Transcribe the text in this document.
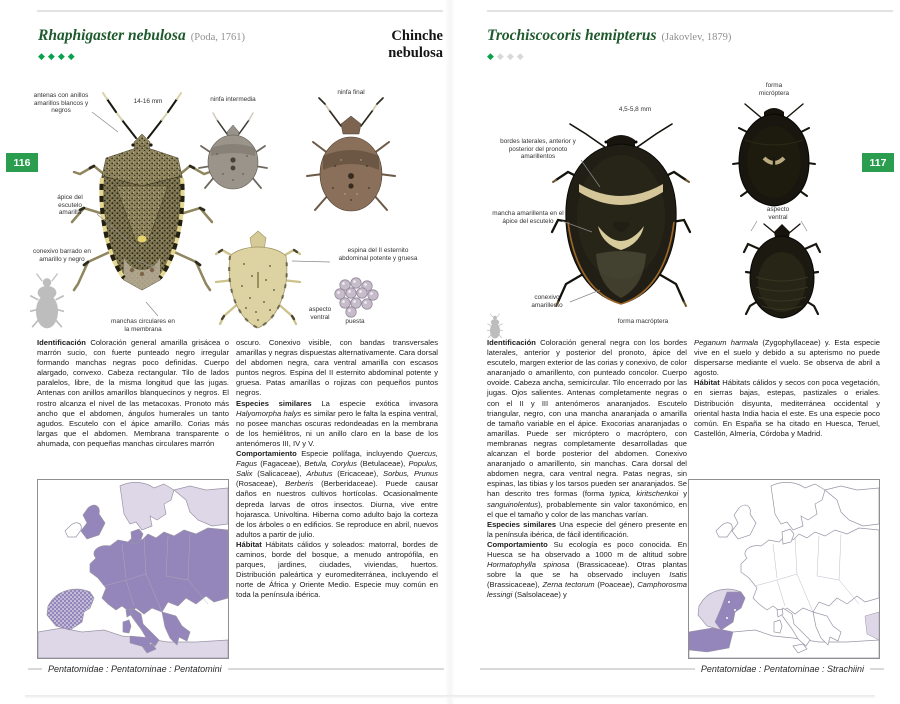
Rhaphigaster nebulosa (Poda, 1761)	Chinche
nebulosa
◆ ◆ ◆ ◆
116
Trochiscocoris hemipterus (Jakovlev, 1879)
◆ ◆ ◆ ◆
117
antenas con anillos amarillos blancos y negros
14-16 mm	ninfa intermedia
ninfa final
ápice del escutelo amarilla
conexivo barrado en amarillo y negro
manchas circulares en la membrana
espina del II esternito abdominal potente y gruesa
aspecto ventral
puesta
forma micróptera
4,5-5,8 mm
bordes laterales, anterior y posterior del pronoto amarillentos
mancha amarillenta en el ápice del escutelo
conexivo amarillento
forma macróptera
aspecto ventral

Identificación Coloración general amarilla grisácea o marrón sucio, con fuerte punteado negro irregular formando manchas negras poco definidas. Cuerpo alargado, convexo. Cabeza rectangular. Tilo de lados paralelos, libre, de la misma longitud que las jugas. Antenas con anillos amarillos blanquecinos y negros. El rostro alcanza el nivel de las metacoxas. Pronoto más ancho que el abdomen, ángulos humerales un tanto agudos. Escutelo con el ápice amarillo. Corias más largas que el abdomen. Membrana transparente o ahumada, con pequeñas manchas circulares marrón

oscuro. Conexivo visible, con bandas transversales amarillas y negras dispuestas alternativamente. Cara dorsal del abdomen negra, cara ventral amarilla con escasos puntos negros. Espina del II esternito abdominal potente y gruesa. Patas amarillas o rojizas con pequeños puntos negros.

Especies similares La especie exótica invasora Halyomorpha halys es similar pero le falta la espina ventral, no posee manchas oscuras redondeadas en la membrana de los hemiélitros, ni un anillo claro en la base de los antenómeros III, IV y V.

Comportamiento Especie polífaga, incluyendo Quercus, Fagus (Fagaceae), Betula, Corylus (Betulaceae), Populus, Salix (Salicaceae), Arbutus (Ericaceae), Sorbus, Prunus (Rosaceae), Berberis (Berberidaceae). Puede causar daños en nuestros cultivos hortícolas. Ocasionalmente depreda larvas de otros insectos. Diurna, vive entre hojarasca. Univoltina. Hiberna como adulto bajo la corteza de los árboles o en edificios. Se reproduce en abril, nuevos adultos a partir de julio.

Hábitat Hábitats cálidos y soleados: matorral, bordes de caminos, borde del bosque, a menudo antropófila, en parques, jardines, ciudades, viviendas, huertos. Distribución paleártica y euromediterránea, incluyendo el norte de África y Oriente Medio. Especie muy común en toda la península ibérica.

Identificación Coloración general negra con los bordes laterales, anterior y posterior del pronoto, ápice del escutelo, margen exterior de las corias y conexivo, de color anaranjado o amarillento, con punteado concolor. Cuerpo ovoide. Cabeza ancha, semicircular. Tilo encerrado por las jugas. Ojos salientes. Antenas completamente negras o con el II y III antenómeros anaranjados. Escutelo triangular, negro, con una mancha anaranjada o amarilla de tamaño variable en el ápice. Exocorias anaranjadas o amarillas. Puede ser micróptero o macróptero, con membranas negras completamente desarrolladas que alcanzan el borde posterior del abdomen. Conexivo anaranjado o amarillento, sin manchas. Cara dorsal del abdomen negra, cara ventral negra. Patas negras, sin espinas, las tibias y los tarsos pueden ser anaranjados. Se han descrito tres formas (forma typica, kiritschenkoi y sanguinolentus), probablemente sin valor taxonómico, en el que el tamaño y color de las manchas varían.

Especies similares Una especie del género presente en la península ibérica, de fácil identificación.

Comportamiento Su ecología es poco conocida. En Huesca se ha observado a 1000 m de altitud sobre Hormatophylla spinosa (Brassicaceae). Otras plantas sobre la que se ha observado incluyen Isatis (Brassicaceae), Zerna tectorum (Poaceae), Camphorosma lessingi (Salsolaceae) y

Peganum harmala (Zygophyllaceae) y. Esta especie vive en el suelo y debido a su apterismo no puede dispersarse mediante el vuelo. Se observa de abril a agosto.

Hábitat Hábitats cálidos y secos con poca vegetación, en sierras bajas, estepas, pastizales o eriales. Distribución disyunta, mediterránea occidental y oriental hasta India hacia el este. Es una especie poco común. En España se ha citado en Huesca, Teruel, Castellón, Almería, Córdoba y Madrid.

Pentatomidae : Pentatominae : Pentatomini	Pentatomidae : Pentatominae : Strachiini
